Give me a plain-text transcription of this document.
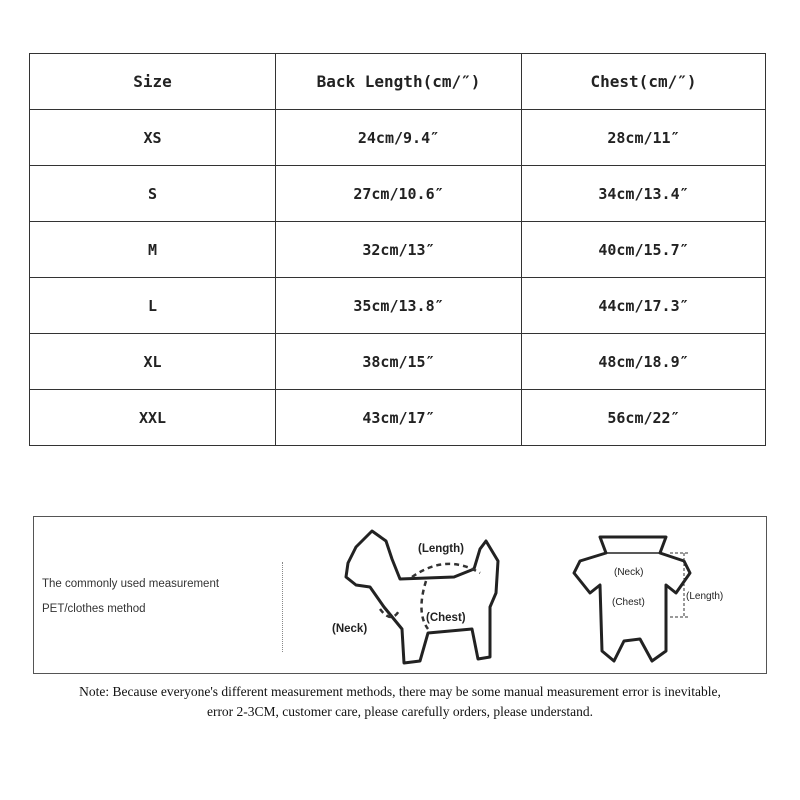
Size	Back Length(cm/″)	Chest(cm/″)
XS	24cm/9.4″	28cm/11″
S	27cm/10.6″	34cm/13.4″
M	32cm/13″	40cm/15.7″
L	35cm/13.8″	44cm/17.3″
XL	38cm/15″	48cm/18.9″
XXL	43cm/17″	56cm/22″
The commonly used measurement
PET/clothes method
(Length)
(Neck)
(Chest)
(Neck)
(Chest)
(Length)
Note: Because everyone's different measurement methods, there may be some manual measurement error is inevitable,
error 2-3CM, customer care, please carefully orders, please understand.
